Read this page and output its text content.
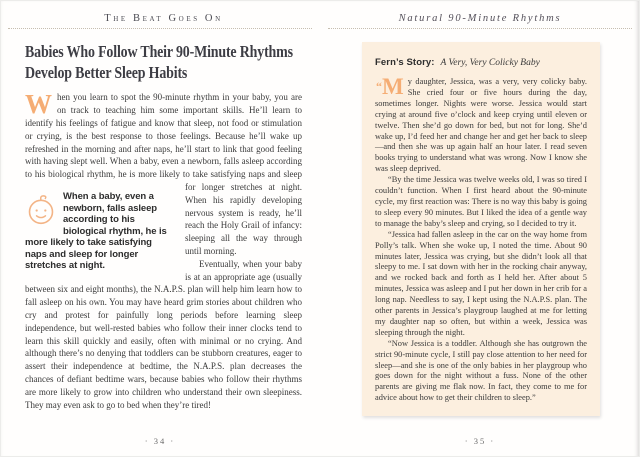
The Beat Goes On
Babies Who Follow Their 90-Minute Rhythms
Develop Better Sleep Habits

When you learn to spot the 90-minute rhythm in your baby, you are on track to teaching him some important skills. He’ll learn to identify his feelings of fatigue and know that sleep, not food or stimulation or crying, is the best response to those feelings. Because he’ll wake up refreshed in the morning and after naps, he’ll start to link that good feeling with having slept well. When a baby, even a newborn, falls asleep according to his biological rhythm, he is more likely to take satisfying naps and sleep for
When a baby, even a newborn, falls asleep according to his biological rhythm, he is more likely to take satisfying naps and sleep for longer stretches at night.
longer stretches at night. When his rapidly developing nervous system is ready, he’ll reach the Holy Grail of infancy: sleeping all the way through until morning.

Eventually, when your baby is at an appropriate age (usually between six and eight months), the N.A.P.S. plan will help him learn how to fall asleep on his own. You may have heard grim stories about children who cry and protest for painfully long periods before learning sleep independence, but well-rested babies who follow their inner clocks tend to learn this skill quickly and easily, often with minimal or no crying. And although there’s no denying that toddlers can be stubborn creatures, eager to assert their independence at bedtime, the N.A.P.S. plan decreases the chances of defiant bedtime wars, because babies who follow their rhythms are more likely to grow into children who understand their own sleepiness. They may even ask to go to bed when they’re tired!

· 34 ·
Natural 90-Minute Rhythms
Fern’s Story: A Very, Very Colicky Baby

“M y daughter, Jessica, was a very, very colicky baby. She cried four or five hours during the day, sometimes longer. Nights were worse. Jessica would start crying at around five o’clock and keep crying until eleven or twelve. Then she’d go down for bed, but not for long. She’d wake up, I’d feed her and change her and get her back to sleep—and then she was up again half an hour later. I read seven books trying to understand what was wrong. Now I know she was sleep deprived.

“By the time Jessica was twelve weeks old, I was so tired I couldn’t function. When I first heard about the 90-minute cycle, my first reaction was: There is no way this baby is going to sleep every 90 minutes. But I liked the idea of a gentle way to manage the baby’s sleep and crying, so I decided to try it.

“Jessica had fallen asleep in the car on the way home from Polly’s talk. When she woke up, I noted the time. About 90 minutes later, Jessica was crying, but she didn’t look all that sleepy to me. I sat down with her in the rocking chair anyway, and we rocked back and forth as I held her. After about 5 minutes, Jessica was asleep and I put her down in her crib for a long nap. Needless to say, I kept using the N.A.P.S. plan. The other parents in Jessica’s playgroup laughed at me for letting my daughter nap so often, but within a week, Jessica was sleeping through the night.

“Now Jessica is a toddler. Although she has outgrown the strict 90-minute cycle, I still pay close attention to her need for sleep—and she is one of the only babies in her playgroup who goes down for the night without a fuss. None of the other parents are giving me flak now. In fact, they come to me for advice about how to get their children to sleep.”

· 35 ·
